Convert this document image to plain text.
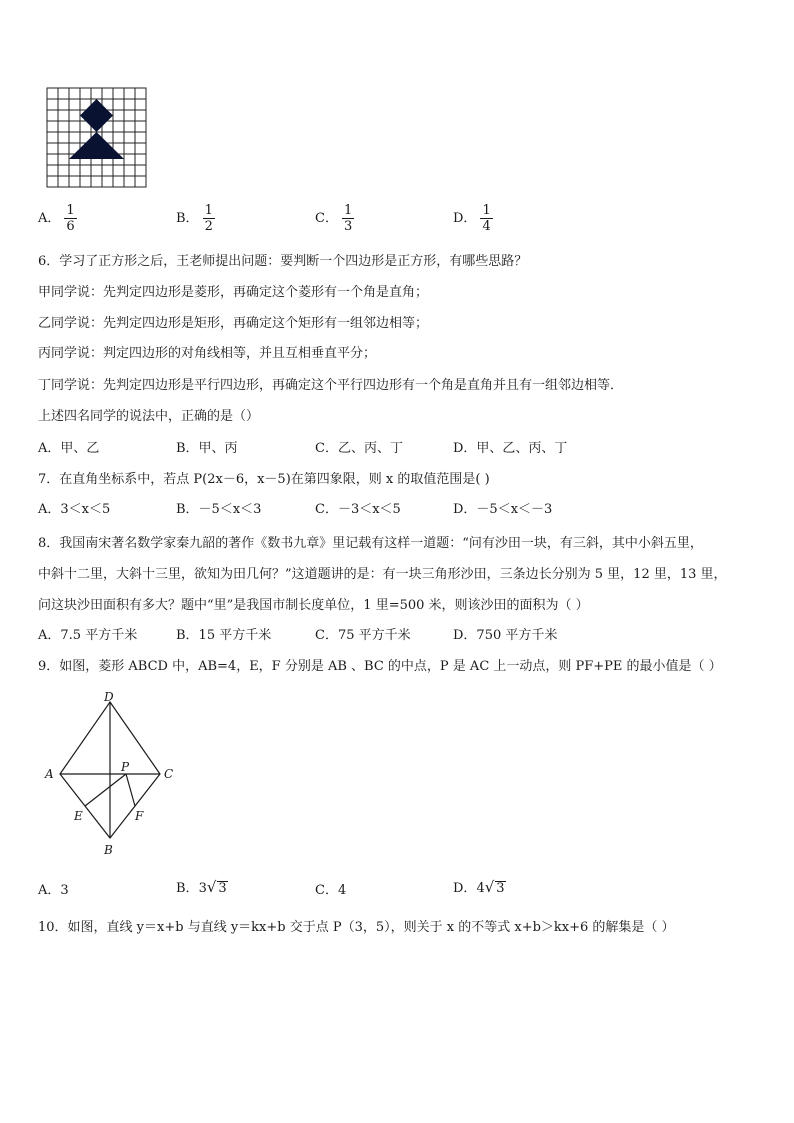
A． $\frac{1}{6}$	B． $\frac{1}{2}$	C． $\frac{1}{3}$	D． $\frac{1}{4}$
6．学习了正方形之后，王老师提出问题：要判断一个四边形是正方形，有哪些思路？
甲同学说：先判定四边形是菱形，再确定这个菱形有一个角是直角；
乙同学说：先判定四边形是矩形，再确定这个矩形有一组邻边相等；
丙同学说：判定四边形的对角线相等，并且互相垂直平分；
丁同学说：先判定四边形是平行四边形，再确定这个平行四边形有一个角是直角并且有一组邻边相等．
上述四名同学的说法中，正确的是（）
A．甲、乙	B．甲、丙	C．乙、丙、丁	D．甲、乙、丙、丁
7．在直角坐标系中，若点 P(2x－6，x－5)在第四象限，则 x 的取值范围是( )
A．3＜x＜5	B．－5＜x＜3	C．－3＜x＜5	D．－5＜x＜－3
8．我国南宋著名数学家秦九韶的著作《数书九章》里记载有这样一道题：“问有沙田一块，有三斜，其中小斜五里，
中斜十二里，大斜十三里，欲知为田几何？”这道题讲的是：有一块三角形沙田，三条边长分别为 5 里，12 里，13 里，
问这块沙田面积有多大？题中“里”是我国市制长度单位，1 里=500 米，则该沙田的面积为（ ）
A．7.5 平方千米	B．15 平方千米	C．75 平方千米	D．750 平方千米
9．如图，菱形 ABCD 中，AB=4，E，F 分别是 AB 、BC 的中点，P 是 AC 上一动点，则 PF+PE 的最小值是（ ）
D
A	C
P
E	F
B
A．3	B．3√ 3	C．4	D．4√ 3
10．如图，直线 y＝x+b 与直线 y＝kx+b 交于点 P（3，5），则关于 x 的不等式 x+b＞kx+6 的解集是（ ）
